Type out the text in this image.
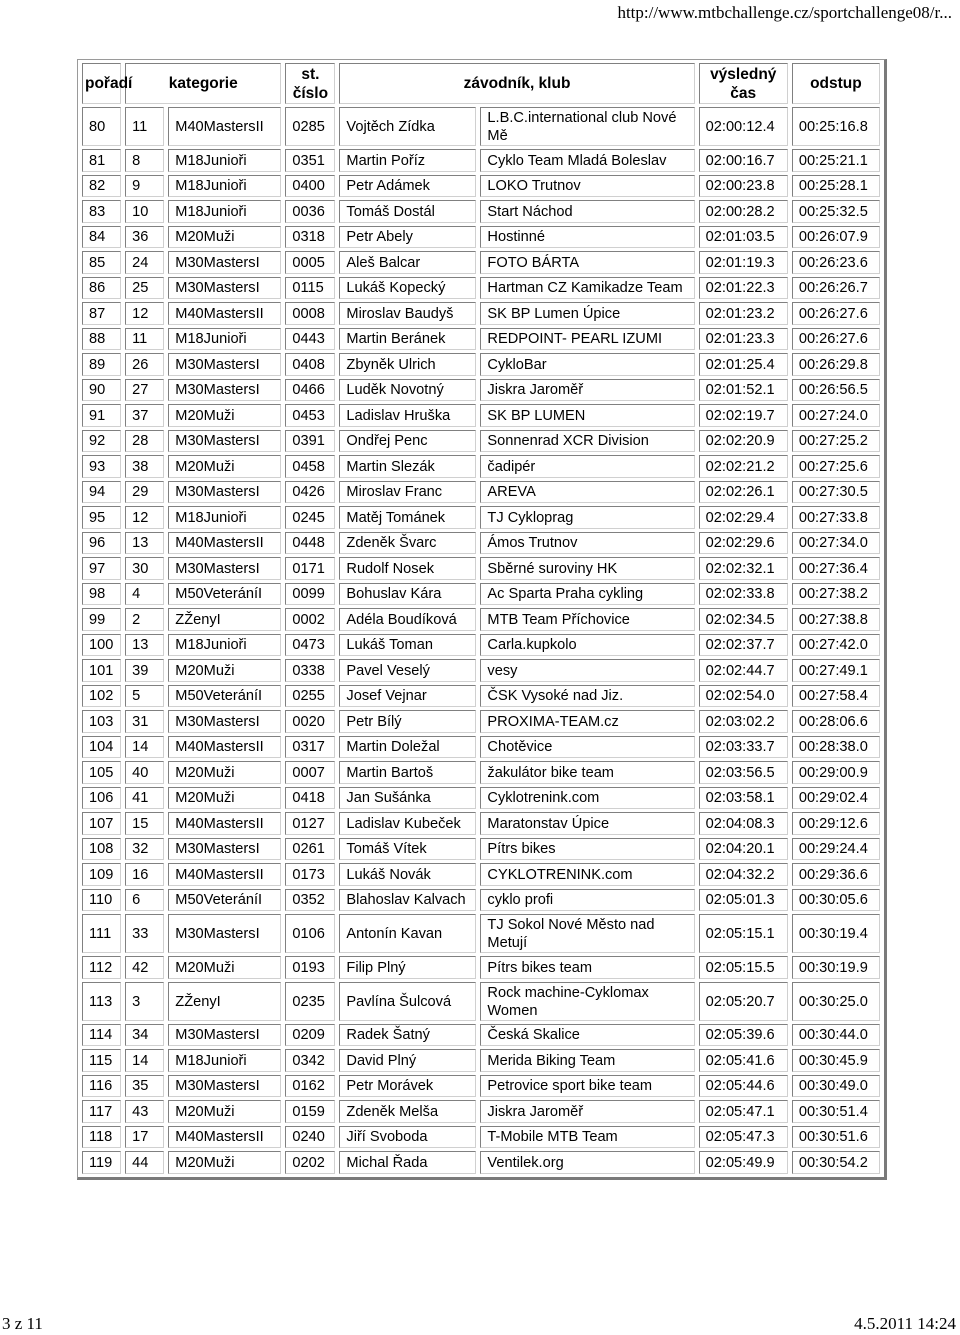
http://www.mtbchallenge.cz/sportchallenge08/r...
pořadí	kategorie		st. číslo	závodník, klub		výsledný čas	odstup
80	11	M40MastersII	0285	Vojtěch Zídka	L.B.C.international club Nové Mě	02:00:12.4	00:25:16.8
81	8	M18Junioři	0351	Martin Poříz	Cyklo Team Mladá Boleslav	02:00:16.7	00:25:21.1
82	9	M18Junioři	0400	Petr Adámek	LOKO Trutnov	02:00:23.8	00:25:28.1
83	10	M18Junioři	0036	Tomáš Dostál	Start Náchod	02:00:28.2	00:25:32.5
84	36	M20Muži	0318	Petr Abely	Hostinné	02:01:03.5	00:26:07.9
85	24	M30MastersI	0005	Aleš Balcar	FOTO BÁRTA	02:01:19.3	00:26:23.6
86	25	M30MastersI	0115	Lukáš Kopecký	Hartman CZ Kamikadze Team	02:01:22.3	00:26:26.7
87	12	M40MastersII	0008	Miroslav Baudyš	SK BP Lumen Úpice	02:01:23.2	00:26:27.6
88	11	M18Junioři	0443	Martin Beránek	REDPOINT- PEARL IZUMI	02:01:23.3	00:26:27.6
89	26	M30MastersI	0408	Zbyněk Ulrich	CykloBar	02:01:25.4	00:26:29.8
90	27	M30MastersI	0466	Luděk Novotný	Jiskra Jaroměř	02:01:52.1	00:26:56.5
91	37	M20Muži	0453	Ladislav Hruška	SK BP LUMEN	02:02:19.7	00:27:24.0
92	28	M30MastersI	0391	Ondřej Penc	Sonnenrad XCR Division	02:02:20.9	00:27:25.2
93	38	M20Muži	0458	Martin Slezák	čadipér	02:02:21.2	00:27:25.6
94	29	M30MastersI	0426	Miroslav Franc	AREVA	02:02:26.1	00:27:30.5
95	12	M18Junioři	0245	Matěj Tománek	TJ Cykloprag	02:02:29.4	00:27:33.8
96	13	M40MastersII	0448	Zdeněk Švarc	Ámos Trutnov	02:02:29.6	00:27:34.0
97	30	M30MastersI	0171	Rudolf Nosek	Sběrné suroviny HK	02:02:32.1	00:27:36.4
98	4	M50VeteráníI	0099	Bohuslav Kára	Ac Sparta Praha cykling	02:02:33.8	00:27:38.2
99	2	ZŽenyI	0002	Adéla Boudíková	MTB Team Příchovice	02:02:34.5	00:27:38.8
100	13	M18Junioři	0473	Lukáš Toman	Carla.kupkolo	02:02:37.7	00:27:42.0
101	39	M20Muži	0338	Pavel Veselý	vesy	02:02:44.7	00:27:49.1
102	5	M50VeteráníI	0255	Josef Vejnar	ČSK Vysoké nad Jiz.	02:02:54.0	00:27:58.4
103	31	M30MastersI	0020	Petr Bílý	PROXIMA-TEAM.cz	02:03:02.2	00:28:06.6
104	14	M40MastersII	0317	Martin Doležal	Chotěvice	02:03:33.7	00:28:38.0
105	40	M20Muži	0007	Martin Bartoš	žakulátor bike team	02:03:56.5	00:29:00.9
106	41	M20Muži	0418	Jan Sušánka	Cyklotrenink.com	02:03:58.1	00:29:02.4
107	15	M40MastersII	0127	Ladislav Kubeček	Maratonstav Úpice	02:04:08.3	00:29:12.6
108	32	M30MastersI	0261	Tomáš Vítek	Pítrs bikes	02:04:20.1	00:29:24.4
109	16	M40MastersII	0173	Lukáš Novák	CYKLOTRENINK.com	02:04:32.2	00:29:36.6
110	6	M50VeteráníI	0352	Blahoslav Kalvach	cyklo profi	02:05:01.3	00:30:05.6
111	33	M30MastersI	0106	Antonín Kavan	TJ Sokol Nové Město nad Metují	02:05:15.1	00:30:19.4
112	42	M20Muži	0193	Filip Plný	Pítrs bikes team	02:05:15.5	00:30:19.9
113	3	ZŽenyI	0235	Pavlína Šulcová	Rock machine-Cyklomax Women	02:05:20.7	00:30:25.0
114	34	M30MastersI	0209	Radek Šatný	Česká Skalice	02:05:39.6	00:30:44.0
115	14	M18Junioři	0342	David Plný	Merida Biking Team	02:05:41.6	00:30:45.9
116	35	M30MastersI	0162	Petr Morávek	Petrovice sport bike team	02:05:44.6	00:30:49.0
117	43	M20Muži	0159	Zdeněk Melša	Jiskra Jaroměř	02:05:47.1	00:30:51.4
118	17	M40MastersII	0240	Jiří Svoboda	T-Mobile MTB Team	02:05:47.3	00:30:51.6
119	44	M20Muži	0202	Michal Řada	Ventilek.org	02:05:49.9	00:30:54.2
3 z 11	4.5.2011 14:24
